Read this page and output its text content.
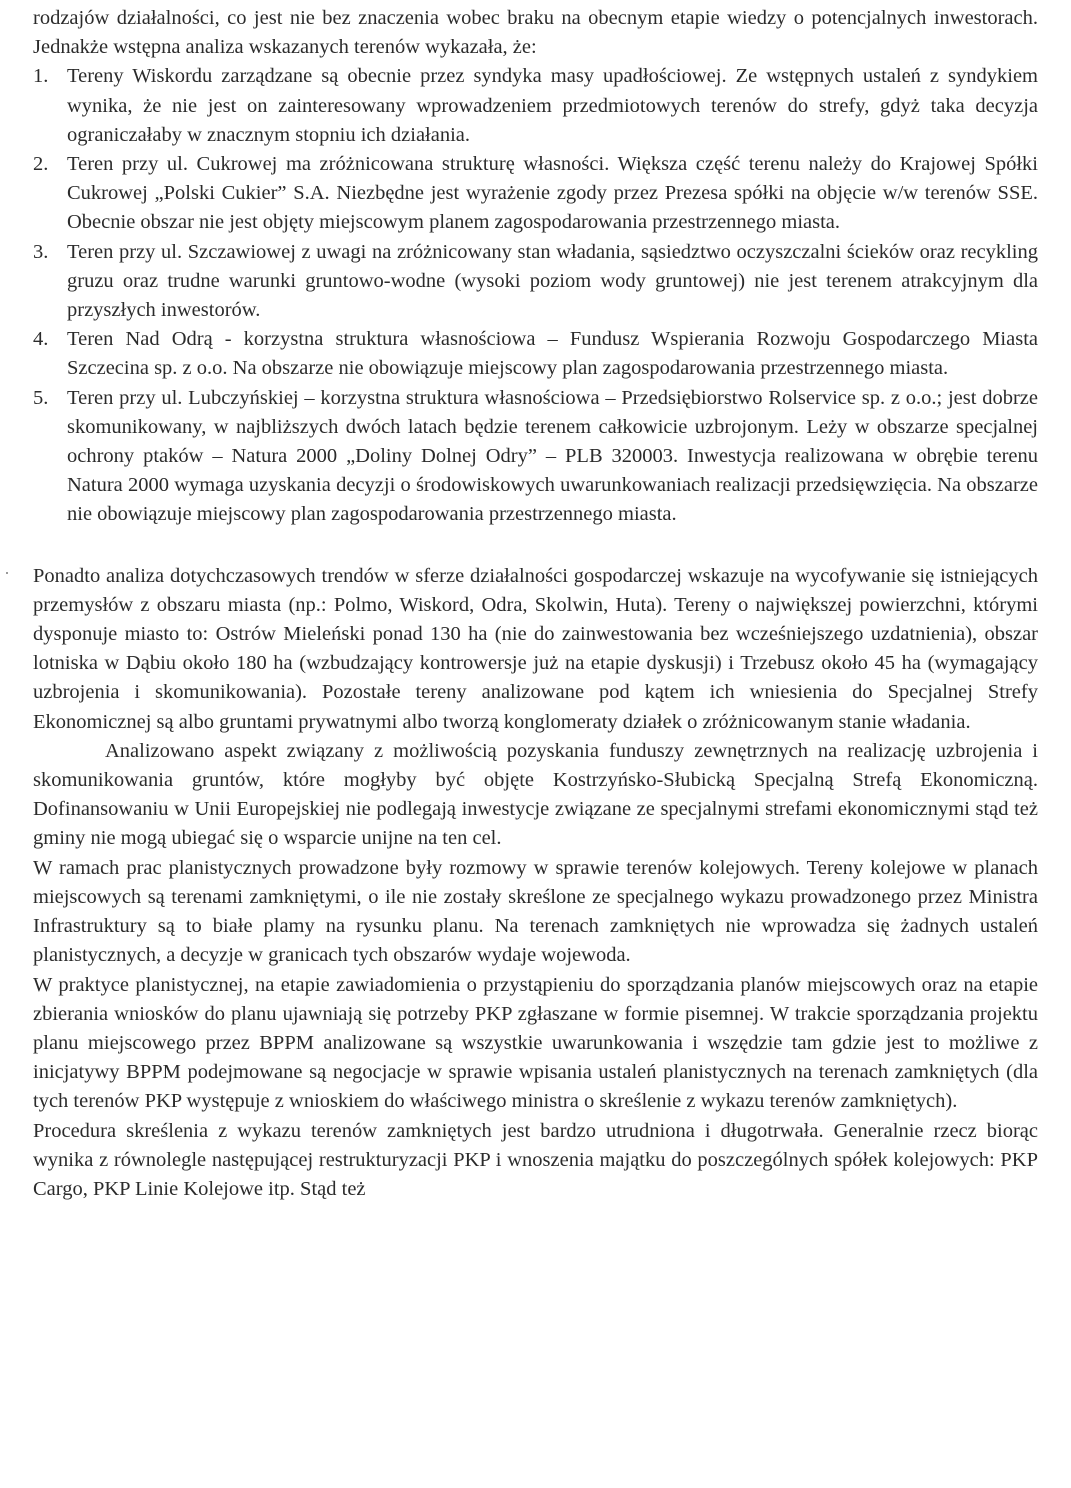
rodzajów działalności, co jest nie bez znaczenia wobec braku na obecnym etapie wiedzy o potencjalnych inwestorach. Jednakże wstępna analiza wskazanych terenów wykazała, że:

1. Tereny Wiskordu zarządzane są obecnie przez syndyka masy upadłościowej. Ze wstępnych ustaleń z syndykiem wynika, że nie jest on zainteresowany wprowadzeniem przedmiotowych terenów do strefy, gdyż taka decyzja ograniczałaby w znacznym stopniu ich działania.
2. Teren przy ul. Cukrowej ma zróżnicowana strukturę własności. Większa część terenu należy do Krajowej Spółki Cukrowej „Polski Cukier” S.A. Niezbędne jest wyrażenie zgody przez Prezesa spółki na objęcie w/w terenów SSE. Obecnie obszar nie jest objęty miejscowym planem zagospodarowania przestrzennego miasta.
3. Teren przy ul. Szczawiowej z uwagi na zróżnicowany stan władania, sąsiedztwo oczyszczalni ścieków oraz recykling gruzu oraz trudne warunki gruntowo-wodne (wysoki poziom wody gruntowej) nie jest terenem atrakcyjnym dla przyszłych inwestorów.
4. Teren Nad Odrą - korzystna struktura własnościowa – Fundusz Wspierania Rozwoju Gospodarczego Miasta Szczecina sp. z o.o. Na obszarze nie obowiązuje miejscowy plan zagospodarowania przestrzennego miasta.
5. Teren przy ul. Lubczyńskiej – korzystna struktura własnościowa – Przedsiębiorstwo Rolservice sp. z o.o.; jest dobrze skomunikowany, w najbliższych dwóch latach będzie terenem całkowicie uzbrojonym. Leży w obszarze specjalnej ochrony ptaków – Natura 2000 „Doliny Dolnej Odry” – PLB 320003. Inwestycja realizowana w obrębie terenu Natura 2000 wymaga uzyskania decyzji o środowiskowych uwarunkowaniach realizacji przedsięwzięcia. Na obszarze nie obowiązuje miejscowy plan zagospodarowania przestrzennego miasta.

Ponadto analiza dotychczasowych trendów w sferze działalności gospodarczej wskazuje na wycofywanie się istniejących przemysłów z obszaru miasta (np.: Polmo, Wiskord, Odra, Skolwin, Huta). Tereny o największej powierzchni, którymi dysponuje miasto to: Ostrów Mieleński ponad 130 ha (nie do zainwestowania bez wcześniejszego uzdatnienia), obszar lotniska w Dąbiu około 180 ha (wzbudzający kontrowersje już na etapie dyskusji) i Trzebusz około 45 ha (wymagający uzbrojenia i skomunikowania). Pozostałe tereny analizowane pod kątem ich wniesienia do Specjalnej Strefy Ekonomicznej są albo gruntami prywatnymi albo tworzą konglomeraty działek o zróżnicowanym stanie władania.

Analizowano aspekt związany z możliwością pozyskania funduszy zewnętrznych na realizację uzbrojenia i skomunikowania gruntów, które mogłyby być objęte Kostrzyńsko-Słubicką Specjalną Strefą Ekonomiczną. Dofinansowaniu w Unii Europejskiej nie podlegają inwestycje związane ze specjalnymi strefami ekonomicznymi stąd też gminy nie mogą ubiegać się o wsparcie unijne na ten cel.

W ramach prac planistycznych prowadzone były rozmowy w sprawie terenów kolejowych. Tereny kolejowe w planach miejscowych są terenami zamkniętymi, o ile nie zostały skreślone ze specjalnego wykazu prowadzonego przez Ministra Infrastruktury są to białe plamy na rysunku planu. Na terenach zamkniętych nie wprowadza się żadnych ustaleń planistycznych, a decyzje w granicach tych obszarów wydaje wojewoda.

W praktyce planistycznej, na etapie zawiadomienia o przystąpieniu do sporządzania planów miejscowych oraz na etapie zbierania wniosków do planu ujawniają się potrzeby PKP zgłaszane w formie pisemnej. W trakcie sporządzania projektu planu miejscowego przez BPPM analizowane są wszystkie uwarunkowania i wszędzie tam gdzie jest to możliwe z inicjatywy BPPM podejmowane są negocjacje w sprawie wpisania ustaleń planistycznych na terenach zamkniętych (dla tych terenów PKP występuje z wnioskiem do właściwego ministra o skreślenie z wykazu terenów zamkniętych).

Procedura skreślenia z wykazu terenów zamkniętych jest bardzo utrudniona i długotrwała. Generalnie rzecz biorąc wynika z równolegle następującej restrukturyzacji PKP i wnoszenia majątku do poszczególnych spółek kolejowych: PKP Cargo, PKP Linie Kolejowe itp. Stąd też
